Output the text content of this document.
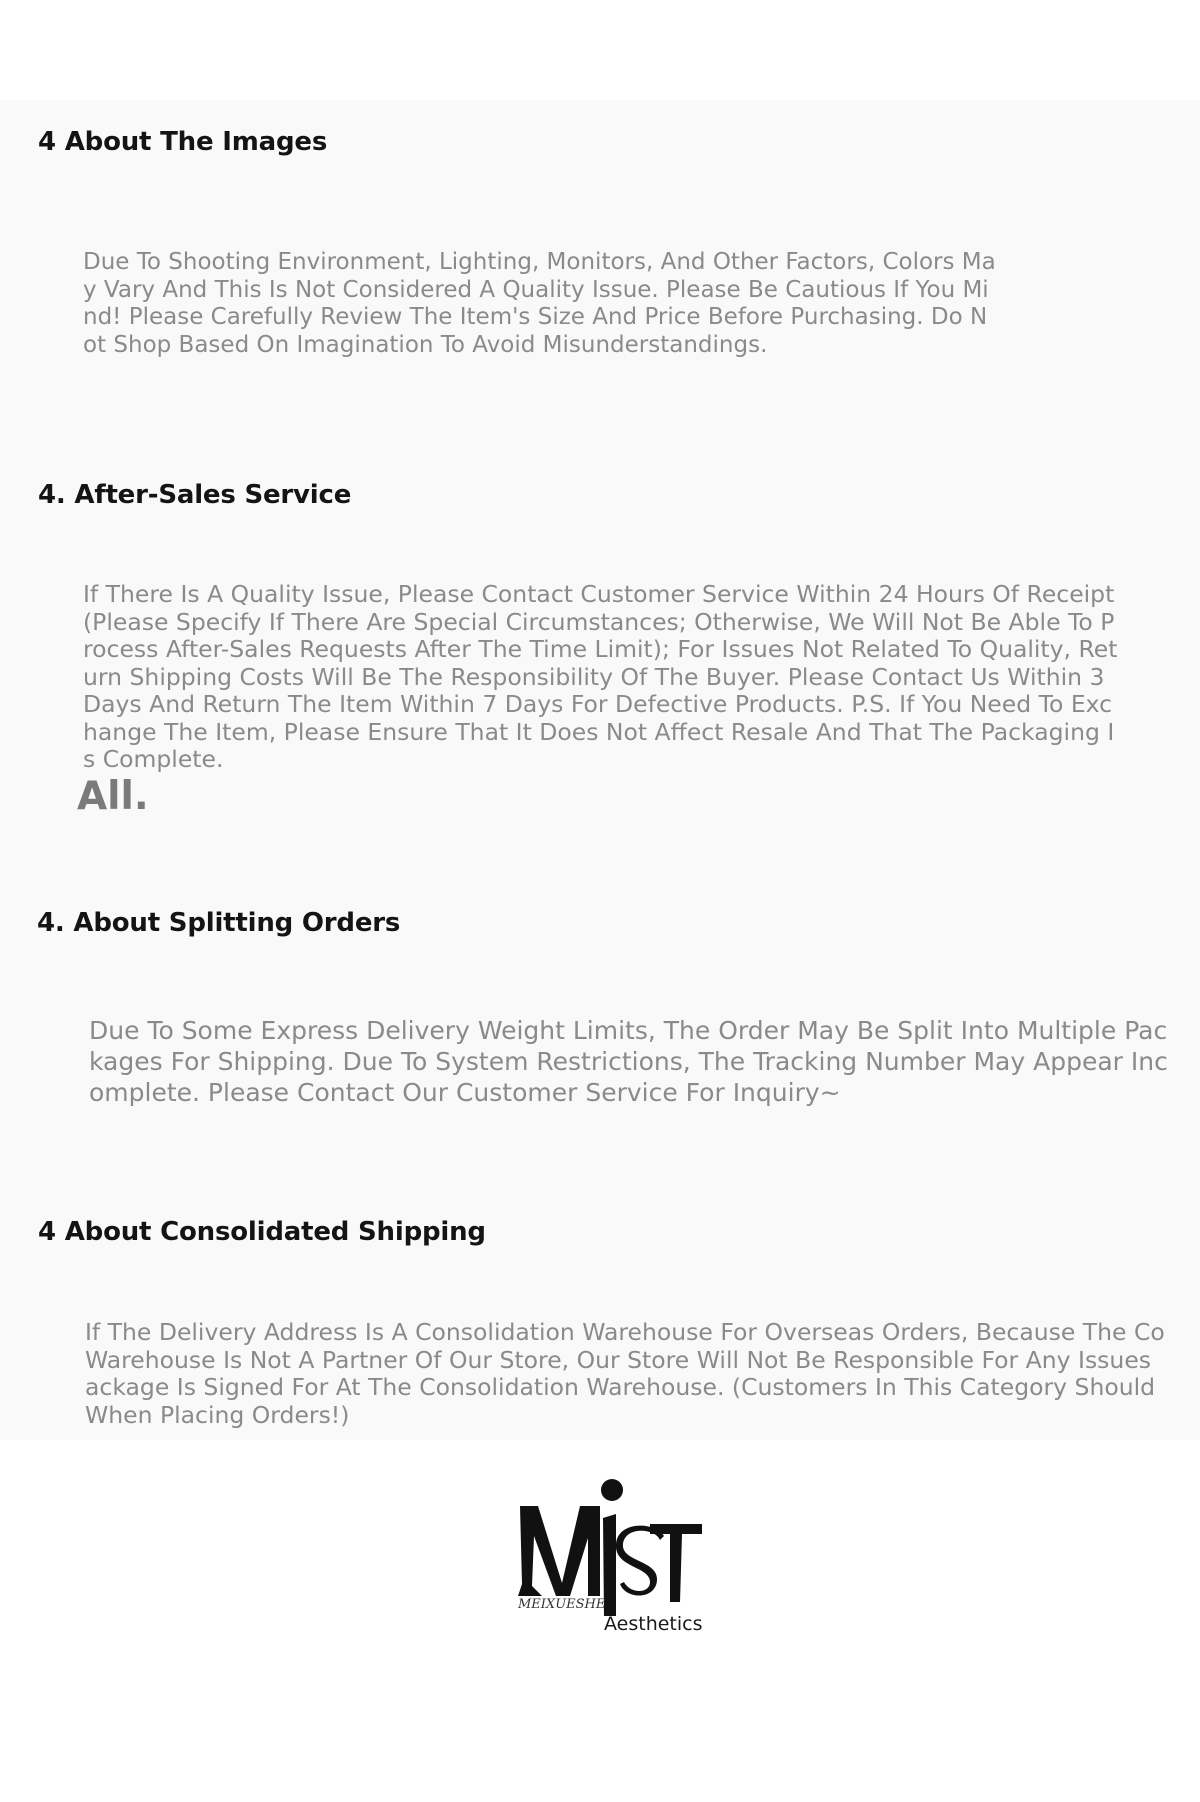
4 About The Images

Due To Shooting Environment, Lighting, Monitors, And Other Factors, Colors May Vary And This Is Not Considered A Quality Issue. Please Be Cautious If You Mind! Please Carefully Review The Item's Size And Price Before Purchasing. Do Not Shop Based On Imagination To Avoid Misunderstandings.

4. After-Sales Service

If There Is A Quality Issue, Please Contact Customer Service Within 24 Hours Of Receipt (Please Specify If There Are Special Circumstances; Otherwise, We Will Not Be Able To Process After-Sales Requests After The Time Limit); For Issues Not Related To Quality, Return Shipping Costs Will Be The Responsibility Of The Buyer. Please Contact Us Within 3 Days And Return The Item Within 7 Days For Defective Products. P.S. If You Need To Exchange The Item, Please Ensure That It Does Not Affect Resale And That The Packaging Is Complete.

All.

4. About Splitting Orders

Due To Some Express Delivery Weight Limits, The Order May Be Split Into Multiple Packages For Shipping. Due To System Restrictions, The Tracking Number May Appear Incomplete. Please Contact Our Customer Service For Inquiry~

4 About Consolidated Shipping

If The Delivery Address Is A Consolidation Warehouse For Overseas Orders, Because The Co
Warehouse Is Not A Partner Of Our Store, Our Store Will Not Be Responsible For Any Issues
ackage Is Signed For At The Consolidation Warehouse. (Customers In This Category Should
When Placing Orders!)

MEIXUESHE

Aesthetics
